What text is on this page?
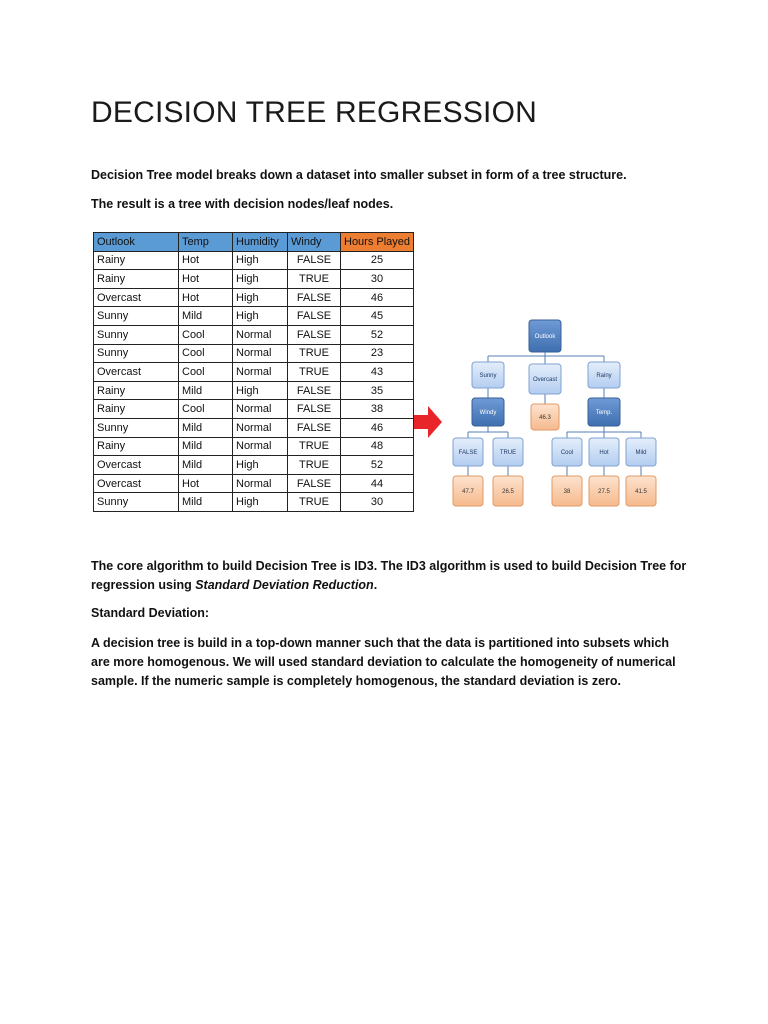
DECISION TREE REGRESSION
Decision Tree model breaks down a dataset into smaller subset in form of a tree structure.
The result is a tree with decision nodes/leaf nodes.
Outlook	Temp	Humidity	Windy	Hours Played
Rainy	Hot	High	FALSE	25
Rainy	Hot	High	TRUE	30
Overcast	Hot	High	FALSE	46
Sunny	Mild	High	FALSE	45
Sunny	Cool	Normal	FALSE	52
Sunny	Cool	Normal	TRUE	23
Overcast	Cool	Normal	TRUE	43
Rainy	Mild	High	FALSE	35
Rainy	Cool	Normal	FALSE	38
Sunny	Mild	Normal	FALSE	46
Rainy	Mild	Normal	TRUE	48
Overcast	Mild	High	TRUE	52
Overcast	Hot	Normal	FALSE	44
Sunny	Mild	High	TRUE	30
Outlook
Sunny
Overcast
Rainy
Windy
46.3
Temp.
FALSE	TRUE	Cool	Hot	Mild
47.7	26.5	38	27.5	41.5
The core algorithm to build Decision Tree is ID3. The ID3 algorithm is used to build Decision Tree for regression using Standard Deviation Reduction.
Standard Deviation:
A decision tree is build in a top-down manner such that the data is partitioned into subsets which are more homogenous. We will used standard deviation to calculate the homogeneity of numerical sample. If the numeric sample is completely homogenous, the standard deviation is zero.
